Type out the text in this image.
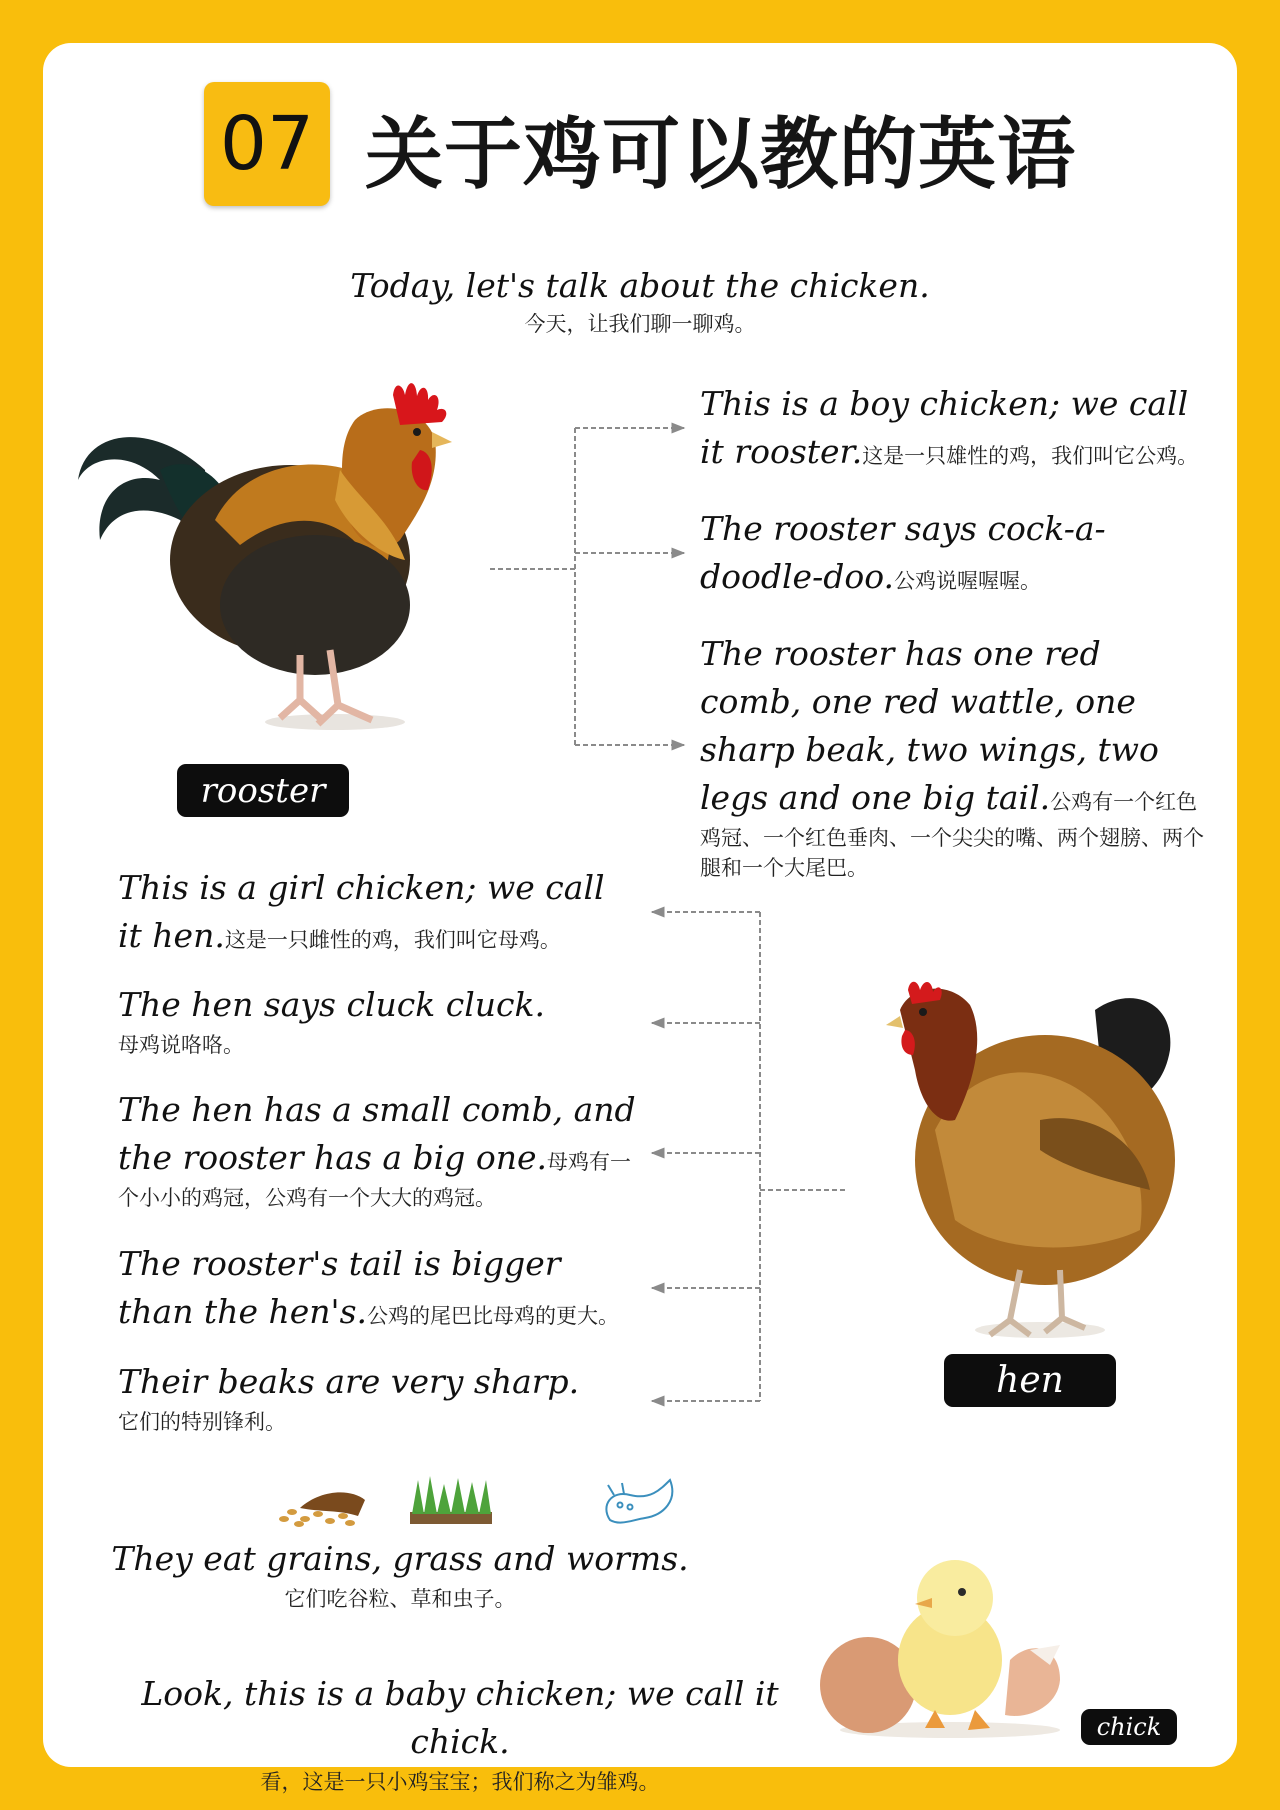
07 关于鸡可以教的英语
Today, let's talk about the chicken.
今天，让我们聊一聊鸡。
This is a boy chicken; we call it rooster.这是一只雄性的鸡，我们叫它公鸡。
The rooster says cock-a-doodle-doo.公鸡说喔喔喔。
The rooster has one red comb, one red wattle, one sharp beak, two wings, two legs and one big tail.公鸡有一个红色鸡冠、一个红色垂肉、一个尖尖的嘴、两个翅膀、两个腿和一个大尾巴。
rooster
This is a girl chicken; we call it hen.这是一只雌性的鸡，我们叫它母鸡。
The hen says cluck cluck.
母鸡说咯咯。
The hen has a small comb, and the rooster has a big one.母鸡有一个小小的鸡冠，公鸡有一个大大的鸡冠。
The rooster's tail is bigger than the hen's.公鸡的尾巴比母鸡的更大。
Their beaks are very sharp.
它们的特别锋利。
hen
They eat grains, grass and worms.
它们吃谷粒、草和虫子。
Look, this is a baby chicken; we call it chick.
看，这是一只小鸡宝宝；我们称之为雏鸡。
chick
